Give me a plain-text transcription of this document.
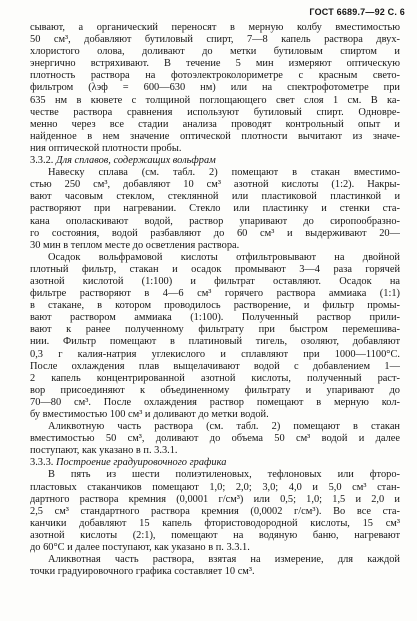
ГОСТ 6689.7—92 С. 6
сывают, а органический переносят в мерную колбу вместимостью
50 см³, добавляют бутиловый спирт, 7—8 капель раствора двух-
хлористого олова, доливают до метки бутиловым спиртом и
энергично встряхивают. В течение 5 мин измеряют оптическую
плотность раствора на фотоэлектроколориметре с красным свето-
фильтром (λэф = 600—630 нм) или на спектрофотометре при
635 нм в кювете с толщиной поглощающего свет слоя 1 см. В ка-
честве раствора сравнения используют бутиловый спирт. Одновре-
менно через все стадии анализа проводят контрольный опыт и
найденное в нем значение оптической плотности вычитают из значе-
ния оптической плотности пробы.
3.3.2. Для сплавов, содержащих вольфрам
Навеску сплава (см. табл. 2) помещают в стакан вместимо-
стью 250 см³, добавляют 10 см³ азотной кислоты (1:2). Накры-
вают часовым стеклом, стеклянной или пластиковой пластинкой и
растворяют при нагревании. Стекло или пластинку и стенки ста-
кана ополаскивают водой, раствор упаривают до сиропообразно-
го состояния, водой разбавляют до 60 см³ и выдерживают 20—
30 мин в теплом месте до осветления раствора.
Осадок вольфрамовой кислоты отфильтровывают на двойной
плотный фильтр, стакан и осадок промывают 3—4 раза горячей
азотной кислотой (1:100) и фильтрат оставляют. Осадок на
фильтре растворяют в 4—6 см³ горячего раствора аммиака (1:1)
в стакане, в котором проводилось растворение, и фильтр промы-
вают раствором аммиака (1:100). Полученный раствор прили-
вают к ранее полученному фильтрату при быстром перемешива-
нии. Фильтр помещают в платиновый тигель, озоляют, добавляют
0,3 г калия-натрия углекислого и сплавляют при 1000—1100°С.
После охлаждения плав выщелачивают водой с добавлением 1—
2 капель концентрированной азотной кислоты, полученный раст-
вор присоединяют к объединенному фильтрату и упаривают до
70—80 см³. После охлаждения раствор помещают в мерную кол-
бу вместимостью 100 см³ и доливают до метки водой.
Аликвотную часть раствора (см. табл. 2) помещают в стакан
вместимостью 50 см³, доливают до объема 50 см³ водой и далее
поступают, как указано в п. 3.3.1.
3.3.3. Построение градуировочного графика
В пять из шести полиэтиленовых, тефлоновых или фторо-
пластовых стаканчиков помещают 1,0; 2,0; 3,0; 4,0 и 5,0 см³ стан-
дартного раствора кремния (0,0001 г/см³) или 0,5; 1,0; 1,5 и 2,0 и
2,5 см³ стандартного раствора кремния (0,0002 г/см³). Во все ста-
канчики добавляют 15 капель фтористоводородной кислоты, 15 см³
азотной кислоты (2:1), помещают на водяную баню, нагревают
до 60°С и далее поступают, как указано в п. 3.3.1.
Аликвотная часть раствора, взятая на измерение, для каждой
точки градуировочного графика составляет 10 см³.
